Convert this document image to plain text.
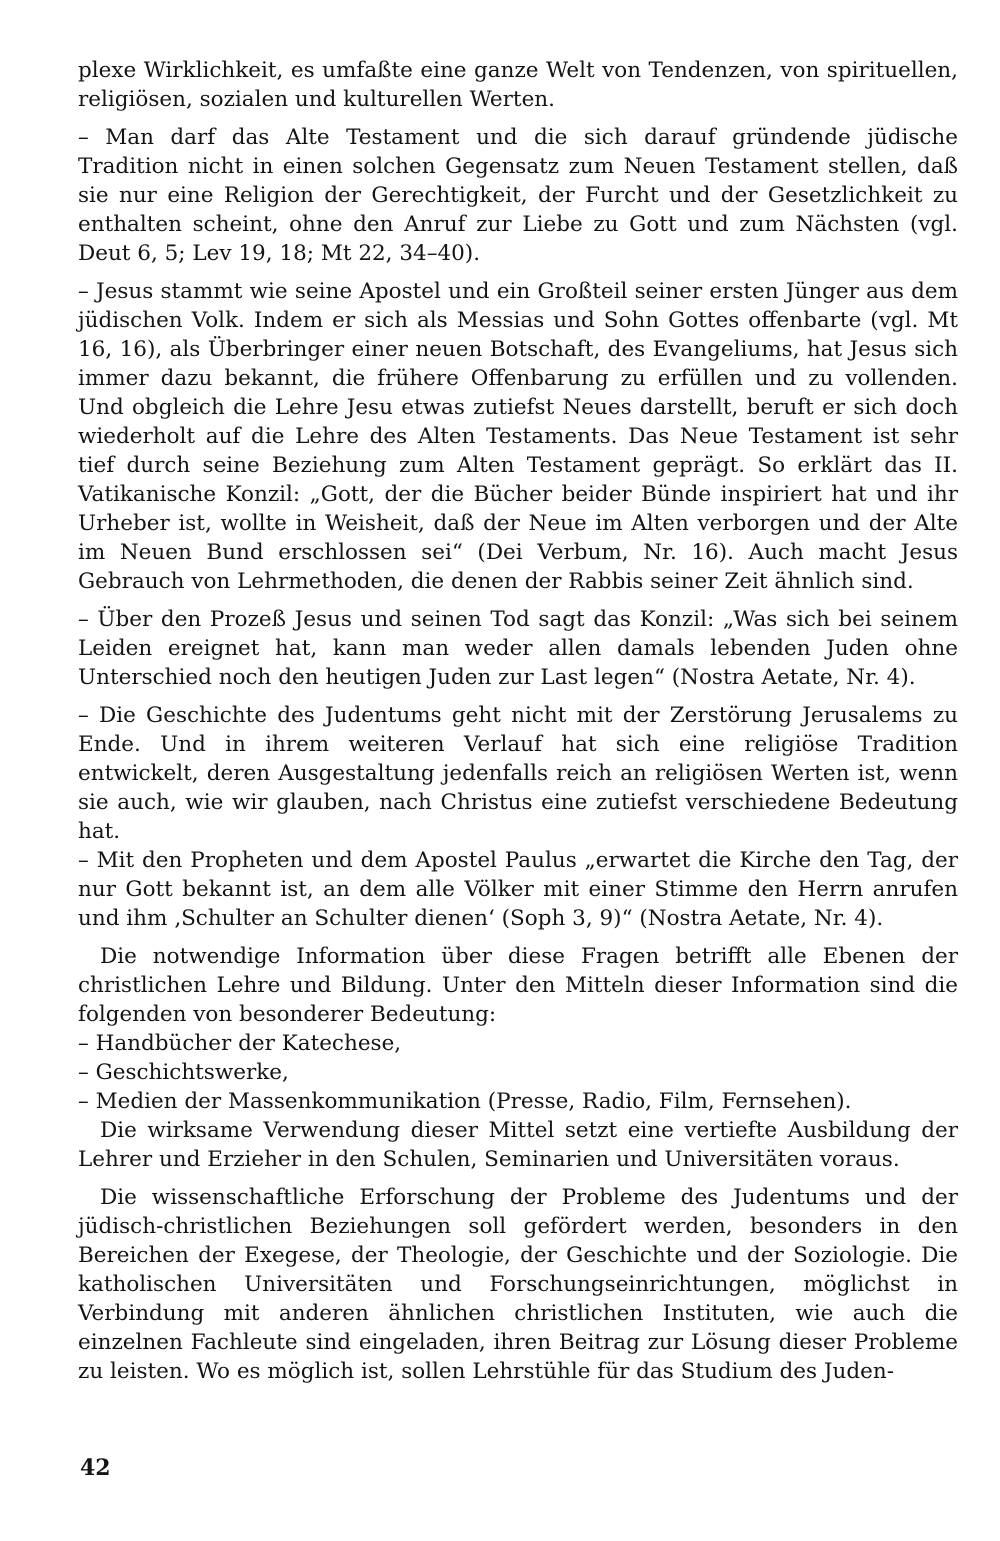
plexe Wirklichkeit, es umfaßte eine ganze Welt von Tendenzen, von spirituellen, religiösen, sozialen und kulturellen Werten.

– Man darf das Alte Testament und die sich darauf gründende jüdische Tradition nicht in einen solchen Gegensatz zum Neuen Testament stellen, daß sie nur eine Religion der Gerechtigkeit, der Furcht und der Gesetzlichkeit zu enthalten scheint, ohne den Anruf zur Liebe zu Gott und zum Nächsten (vgl. Deut 6, 5; Lev 19, 18; Mt 22, 34–40).

– Jesus stammt wie seine Apostel und ein Großteil seiner ersten Jünger aus dem jüdischen Volk. Indem er sich als Messias und Sohn Gottes offenbarte (vgl. Mt 16, 16), als Überbringer einer neuen Botschaft, des Evangeliums, hat Jesus sich immer dazu bekannt, die frühere Offenbarung zu erfüllen und zu vollenden. Und obgleich die Lehre Jesu etwas zutiefst Neues darstellt, beruft er sich doch wiederholt auf die Lehre des Alten Testaments. Das Neue Testament ist sehr tief durch seine Beziehung zum Alten Testament geprägt. So erklärt das II. Vatikanische Konzil: „Gott, der die Bücher beider Bünde inspiriert hat und ihr Urheber ist, wollte in Weisheit, daß der Neue im Alten verborgen und der Alte im Neuen Bund erschlossen sei“ (Dei Verbum, Nr. 16). Auch macht Jesus Gebrauch von Lehrmethoden, die denen der Rabbis seiner Zeit ähnlich sind.

– Über den Prozeß Jesus und seinen Tod sagt das Konzil: „Was sich bei seinem Leiden ereignet hat, kann man weder allen damals lebenden Juden ohne Unterschied noch den heutigen Juden zur Last legen“ (Nostra Aetate, Nr. 4).

– Die Geschichte des Judentums geht nicht mit der Zerstörung Jerusalems zu Ende. Und in ihrem weiteren Verlauf hat sich eine religiöse Tradition entwickelt, deren Ausgestaltung jedenfalls reich an religiösen Werten ist, wenn sie auch, wie wir glauben, nach Christus eine zutiefst verschiedene Bedeutung hat.

– Mit den Propheten und dem Apostel Paulus „erwartet die Kirche den Tag, der nur Gott bekannt ist, an dem alle Völker mit einer Stimme den Herrn anrufen und ihm ‚Schulter an Schulter dienen‘ (Soph 3, 9)“ (Nostra Aetate, Nr. 4).

Die notwendige Information über diese Fragen betrifft alle Ebenen der christlichen Lehre und Bildung. Unter den Mitteln dieser Information sind die folgenden von besonderer Bedeutung:

– Handbücher der Katechese,

– Geschichtswerke,

– Medien der Massenkommunikation (Presse, Radio, Film, Fernsehen).

Die wirksame Verwendung dieser Mittel setzt eine vertiefte Ausbildung der Lehrer und Erzieher in den Schulen, Seminarien und Universitäten voraus.

Die wissenschaftliche Erforschung der Probleme des Judentums und der jüdisch-christlichen Beziehungen soll gefördert werden, besonders in den Bereichen der Exegese, der Theologie, der Geschichte und der Soziologie. Die katholischen Universitäten und Forschungseinrichtungen, möglichst in Verbindung mit anderen ähnlichen christlichen Instituten, wie auch die einzelnen Fachleute sind eingeladen, ihren Beitrag zur Lösung dieser Probleme zu leisten. Wo es möglich ist, sollen Lehrstühle für das Studium des Juden-

42
